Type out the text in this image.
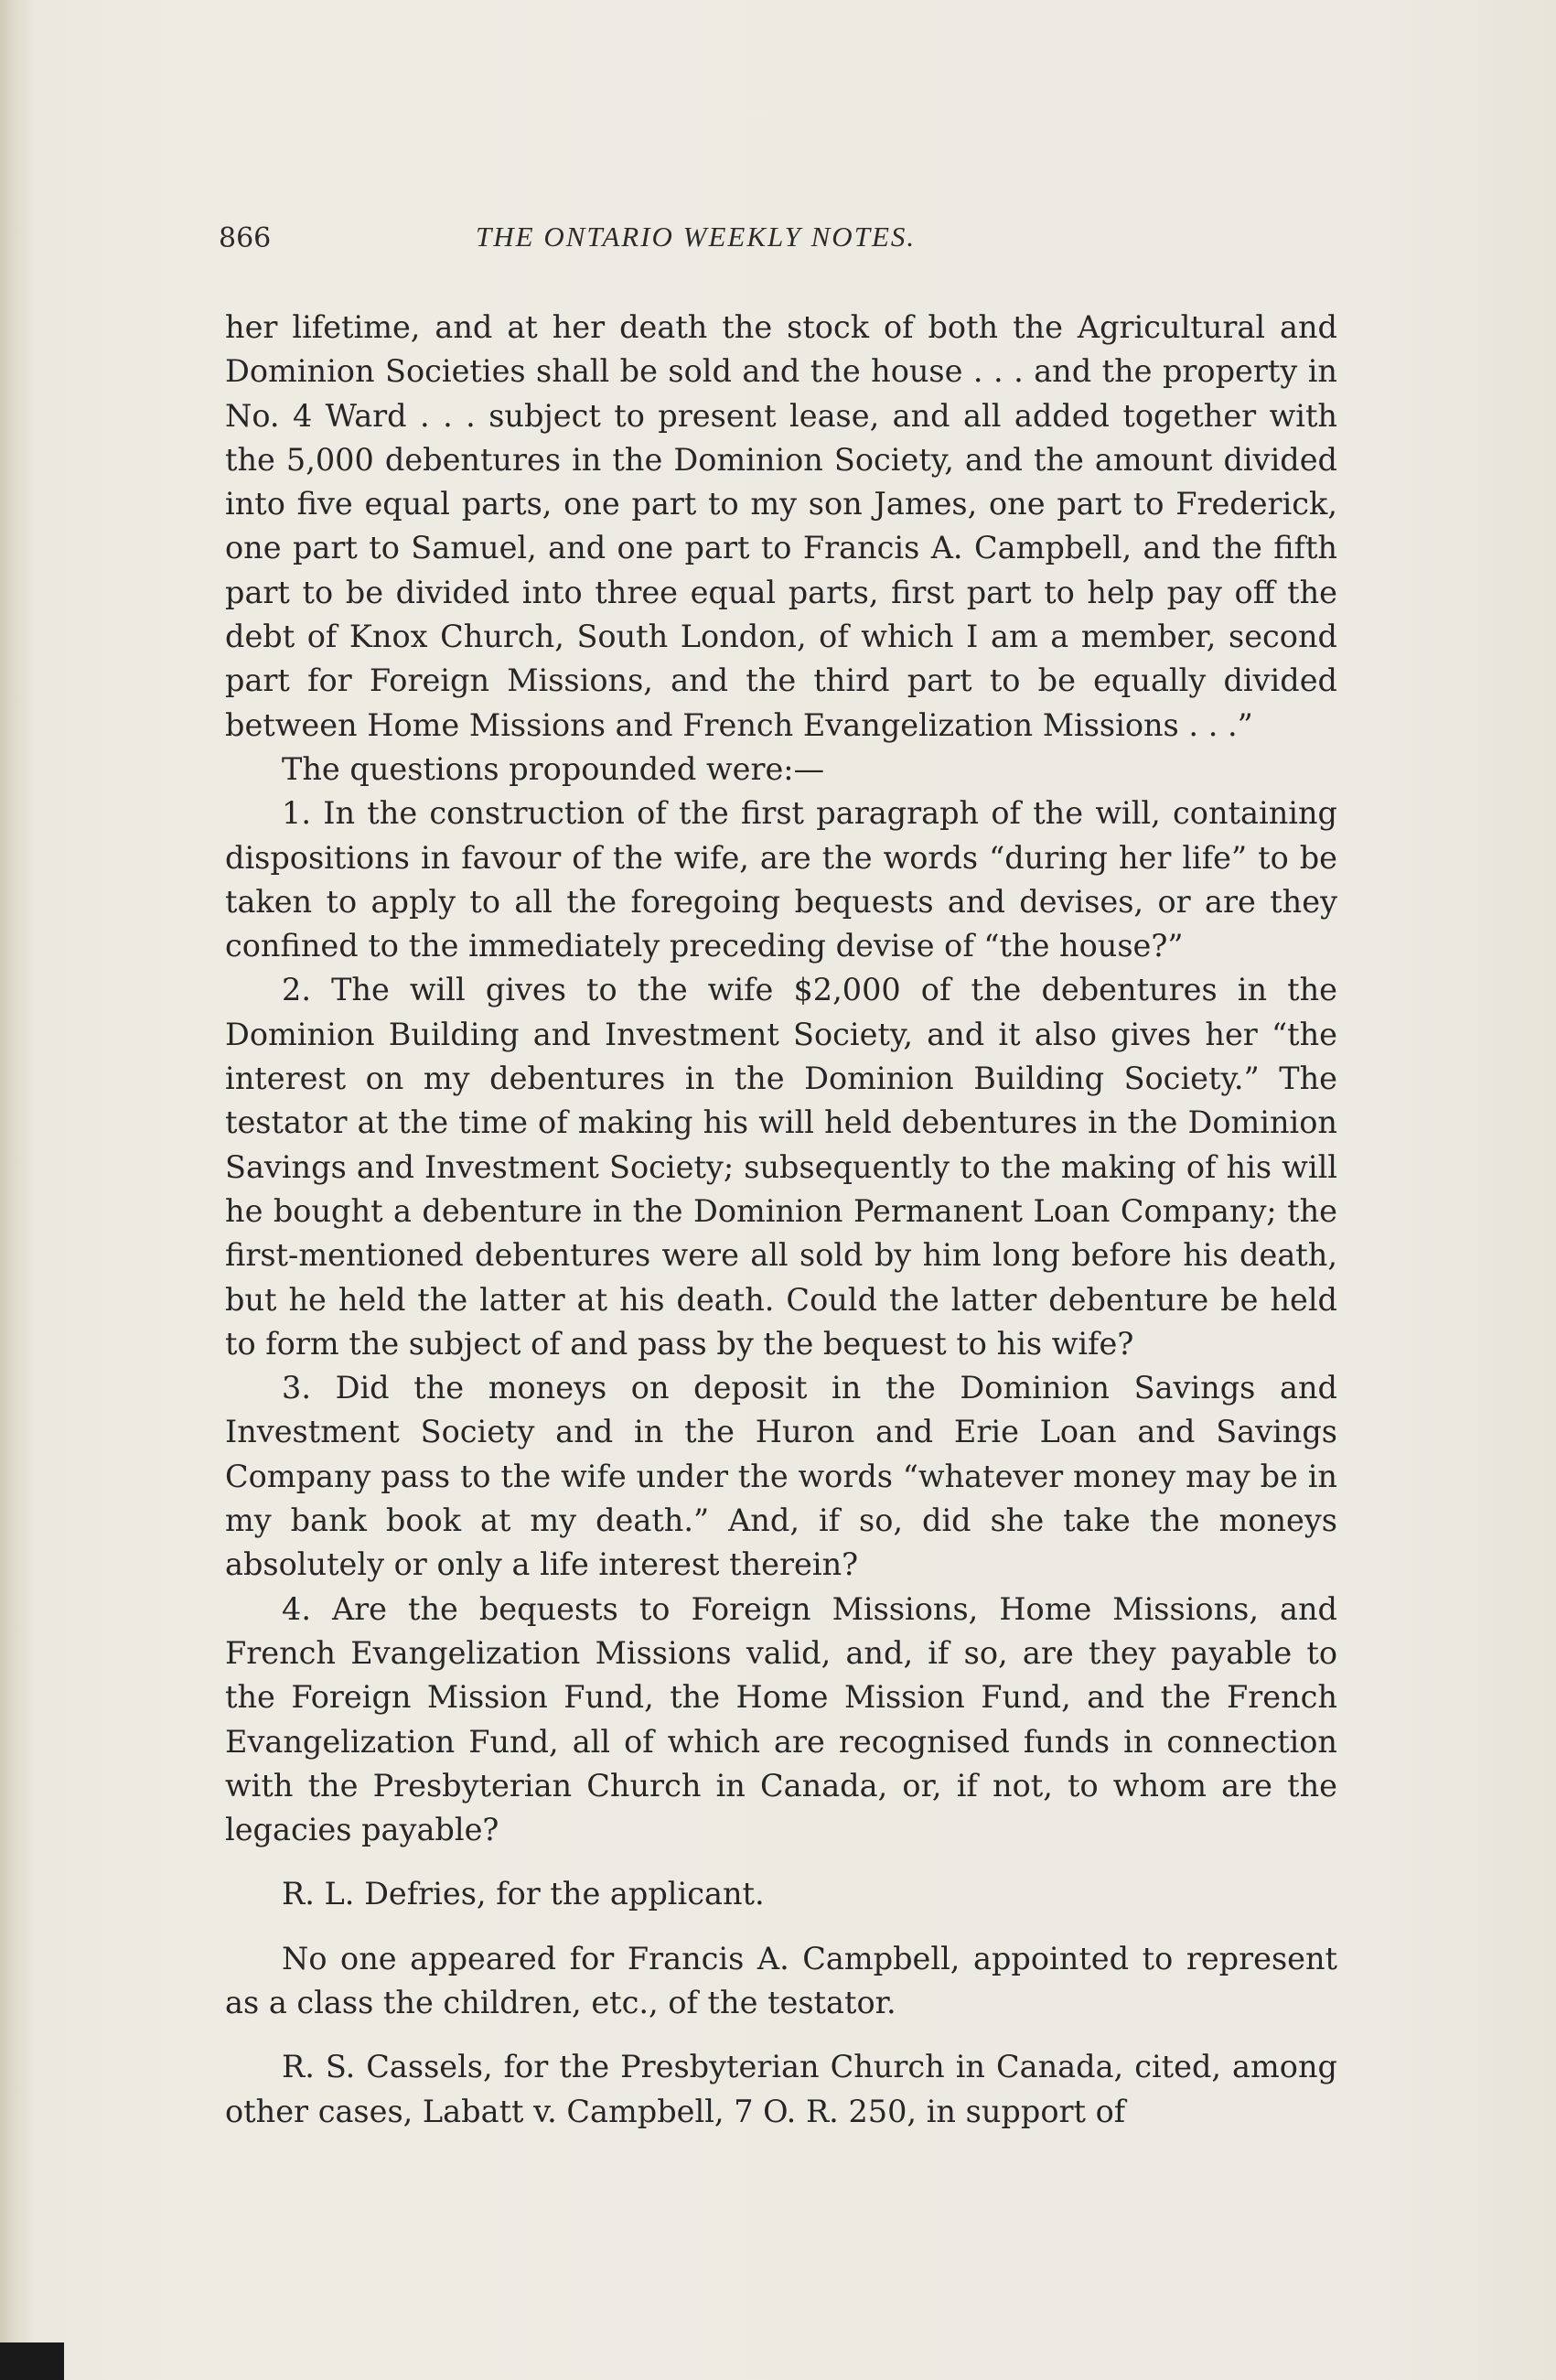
866	THE ONTARIO WEEKLY NOTES.

her lifetime, and at her death the stock of both the Agricultural and Dominion Societies shall be sold and the house . . . and the property in No. 4 Ward . . . subject to present lease, and all added together with the 5,000 debentures in the Dominion Society, and the amount divided into five equal parts, one part to my son James, one part to Frederick, one part to Samuel, and one part to Francis A. Campbell, and the fifth part to be divided into three equal parts, first part to help pay off the debt of Knox Church, South London, of which I am a member, second part for Foreign Missions, and the third part to be equally divided between Home Missions and French Evangelization Missions . . .”

The questions propounded were:—

1. In the construction of the first paragraph of the will, containing dispositions in favour of the wife, are the words “during her life” to be taken to apply to all the foregoing bequests and devises, or are they confined to the immediately preceding devise of “the house?”

2. The will gives to the wife $2,000 of the debentures in the Dominion Building and Investment Society, and it also gives her “the interest on my debentures in the Dominion Building Society.” The testator at the time of making his will held debentures in the Dominion Savings and Investment Society; subsequently to the making of his will he bought a debenture in the Dominion Permanent Loan Company; the first-mentioned debentures were all sold by him long before his death, but he held the latter at his death. Could the latter debenture be held to form the subject of and pass by the bequest to his wife?

3. Did the moneys on deposit in the Dominion Savings and Investment Society and in the Huron and Erie Loan and Savings Company pass to the wife under the words “whatever money may be in my bank book at my death.” And, if so, did she take the moneys absolutely or only a life interest therein?

4. Are the bequests to Foreign Missions, Home Missions, and French Evangelization Missions valid, and, if so, are they payable to the Foreign Mission Fund, the Home Mission Fund, and the French Evangelization Fund, all of which are recognised funds in connection with the Presbyterian Church in Canada, or, if not, to whom are the legacies payable?

R. L. Defries, for the applicant.

No one appeared for Francis A. Campbell, appointed to represent as a class the children, etc., of the testator.

R. S. Cassels, for the Presbyterian Church in Canada, cited, among other cases, Labatt v. Campbell, 7 O. R. 250, in support of
